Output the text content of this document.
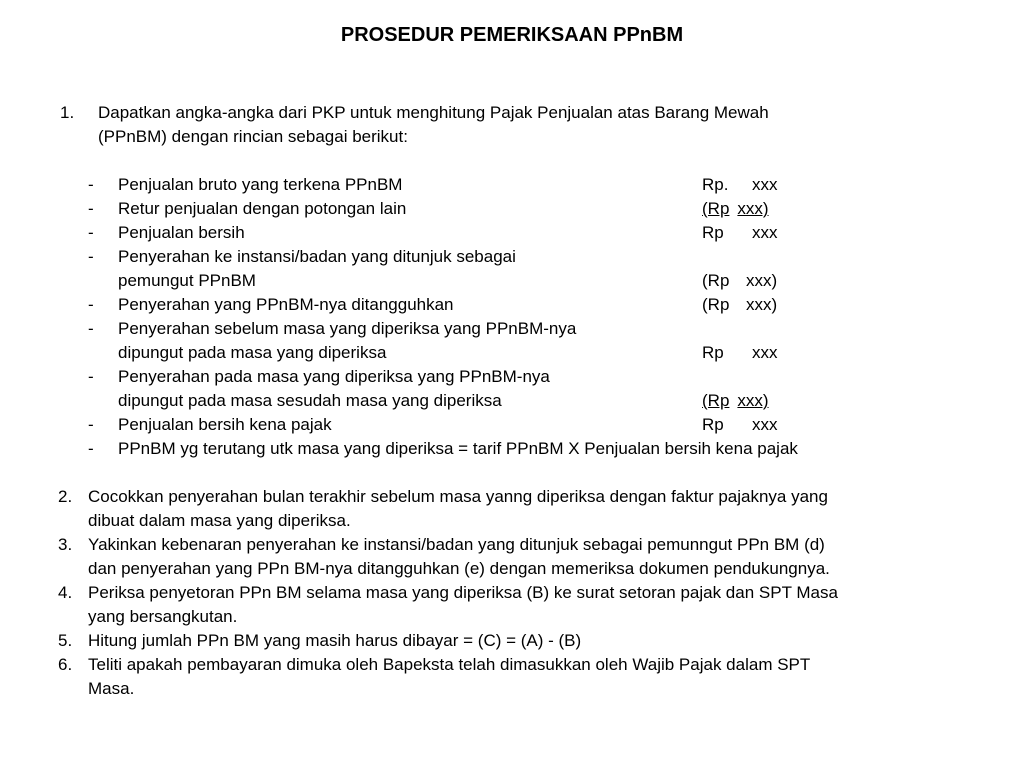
PROSEDUR PEMERIKSAAN PPnBM
1. Dapatkan angka-angka dari PKP untuk menghitung Pajak Penjualan atas Barang Mewah
(PPnBM) dengan rincian sebagai berikut:
- Penjualan bruto yang terkena PPnBM	Rp. xxx
- Retur penjualan dengan potongan lain	(Rp xxx)
- Penjualan bersih	Rp xxx
- Penyerahan ke instansi/badan yang ditunjuk sebagai
pemungut PPnBM	(Rp xxx)
- Penyerahan yang PPnBM-nya ditangguhkan	(Rp xxx)
- Penyerahan sebelum masa yang diperiksa yang PPnBM-nya
dipungut pada masa yang diperiksa	Rp xxx
- Penyerahan pada masa yang diperiksa yang PPnBM-nya
dipungut pada masa sesudah masa yang diperiksa	(Rp xxx)
- Penjualan bersih kena pajak	Rp xxx
- PPnBM yg terutang utk masa yang diperiksa = tarif PPnBM X Penjualan bersih kena pajak
2. Cocokkan penyerahan bulan terakhir sebelum masa yanng diperiksa dengan faktur pajaknya yang
dibuat dalam masa yang diperiksa.
3. Yakinkan kebenaran penyerahan ke instansi/badan yang ditunjuk sebagai pemunngut PPn BM (d)
dan penyerahan yang PPn BM-nya ditangguhkan (e) dengan memeriksa dokumen pendukungnya.
4. Periksa penyetoran PPn BM selama masa yang diperiksa (B) ke surat setoran pajak dan SPT Masa
yang bersangkutan.
5. Hitung jumlah PPn BM yang masih harus dibayar = (C) = (A) - (B)
6. Teliti apakah pembayaran dimuka oleh Bapeksta telah dimasukkan oleh Wajib Pajak dalam SPT
Masa.
